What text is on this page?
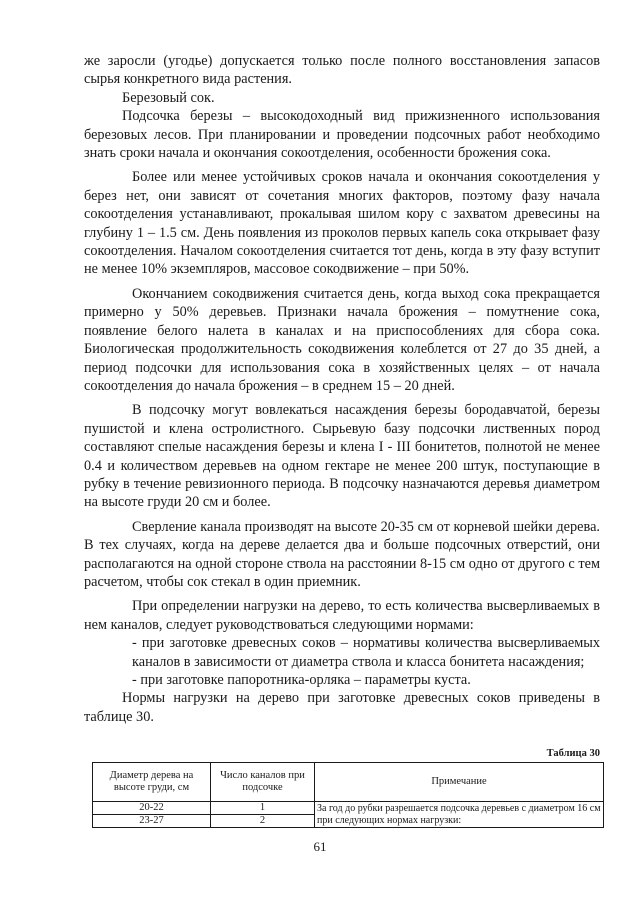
же заросли (угодье) допускается только после полного восстановления запасов сырья конкретного вида растения.

Березовый сок.

Подсочка березы – высокодоходный вид прижизненного использования березовых лесов. При планировании и проведении подсочных работ необходимо знать сроки начала и окончания сокоотделения, особенности брожения сока.

Более или менее устойчивых сроков начала и окончания сокоотделения у берез нет, они зависят от сочетания многих факторов, поэтому фазу начала сокоотделения устанавливают, прокалывая шилом кору с захватом древесины на глубину 1 – 1.5 см. День появления из проколов первых капель сока открывает фазу сокоотделения. Началом сокоотделения считается тот день, когда в эту фазу вступит не менее 10% экземпляров, массовое сокодвижение – при 50%.

Окончанием сокодвижения считается день, когда выход сока прекращается примерно у 50% деревьев. Признаки начала брожения – помутнение сока, появление белого налета в каналах и на приспособлениях для сбора сока. Биологическая продолжительность сокодвижения колеблется от 27 до 35 дней, а период подсочки для использования сока в хозяйственных целях – от начала сокоотделения до начала брожения – в среднем 15 – 20 дней.

В подсочку могут вовлекаться насаждения березы бородавчатой, березы пушистой и клена остролистного. Сырьевую базу подсочки лиственных пород составляют спелые насаждения березы и клена I - III бонитетов, полнотой не менее 0.4 и количеством деревьев на одном гектаре не менее 200 штук, поступающие в рубку в течение ревизионного периода. В подсочку назначаются деревья диаметром на высоте груди 20 см и более.

Сверление канала производят на высоте 20-35 см от корневой шейки дерева. В тех случаях, когда на дереве делается два и больше подсочных отверстий, они располагаются на одной стороне ствола на расстоянии 8-15 см одно от другого с тем расчетом, чтобы сок стекал в один приемник.

При определении нагрузки на дерево, то есть количества высверливаемых в нем каналов, следует руководствоваться следующими нормами:

- при заготовке древесных соков – нормативы количества высверливаемых каналов в зависимости от диаметра ствола и класса бонитета насаждения;

- при заготовке папоротника-орляка – параметры куста.

Нормы нагрузки на дерево при заготовке древесных соков приведены в таблице 30.

Таблица 30
Диаметр дерева на высоте груди, см	Число каналов при подсочке	Примечание
20-22	1	За год до рубки разрешается подсочка деревьев с диаметром 16 см при следующих нормах нагрузки:
23-27	2	
61
